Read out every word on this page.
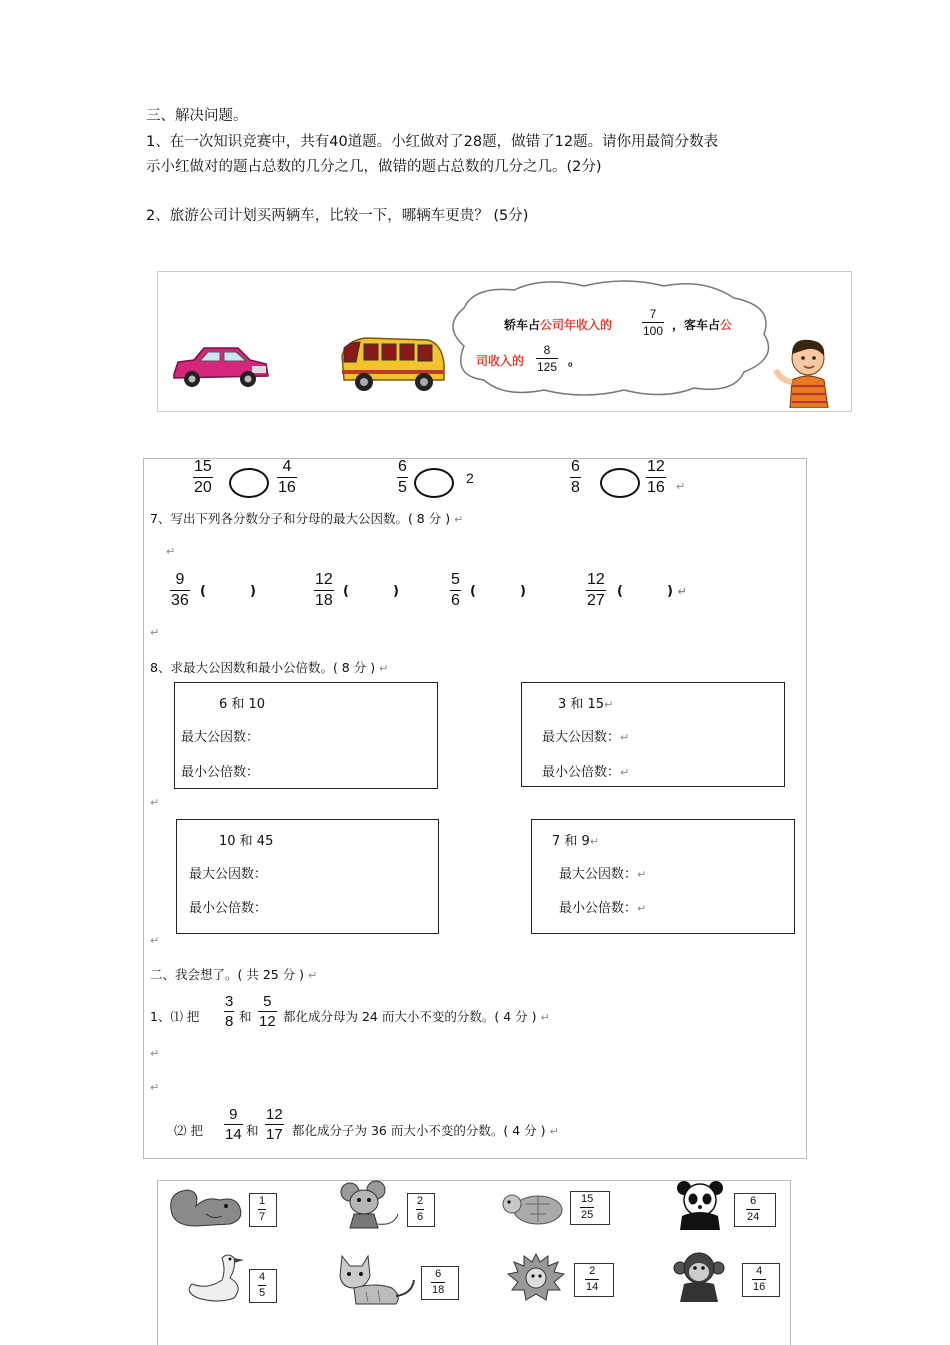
三、解决问题。
1、在一次知识竞赛中，共有40道题。小红做对了28题，做错了12题。请你用最简分数表
示小红做对的题占总数的几分之几，做错的题占总数的几分之几。(2分)
2、旅游公司计划买两辆车，比较一下，哪辆车更贵？ (5分)
轿车占公司年收入的
7
100 ，客车占公
司收入的
8
125 。
15
20
4
16
6
5
2
6
8
12
16 ↵
7、写出下列各分数分子和分母的最大公因数。( 8 分 ) ↵
↵
9
36
(	)
12
18
(	)
5
6
(	)
12
27
(	) ↵
↵
8、求最大公因数和最小公倍数。( 8 分 ) ↵
6 和 10
最大公因数：
最小公倍数：
3 和 15↵
最大公因数：↵
最小公倍数：↵
↵
10 和 45
最大公因数：
最小公倍数：
7 和 9↵
最大公因数：↵
最小公倍数：↵
↵
二、我会想了。( 共 25 分 ) ↵
1、⑴ 把
3
8 和
5
12 都化成分母为 24 而大小不变的分数。( 4 分 ) ↵
↵
↵
⑵ 把
9
14 和
12
17 都化成分子为 36 而大小不变的分数。( 4 分 ) ↵
1
7
2
6
15
25
6
24
4
5
6
18
2
14
4
16
